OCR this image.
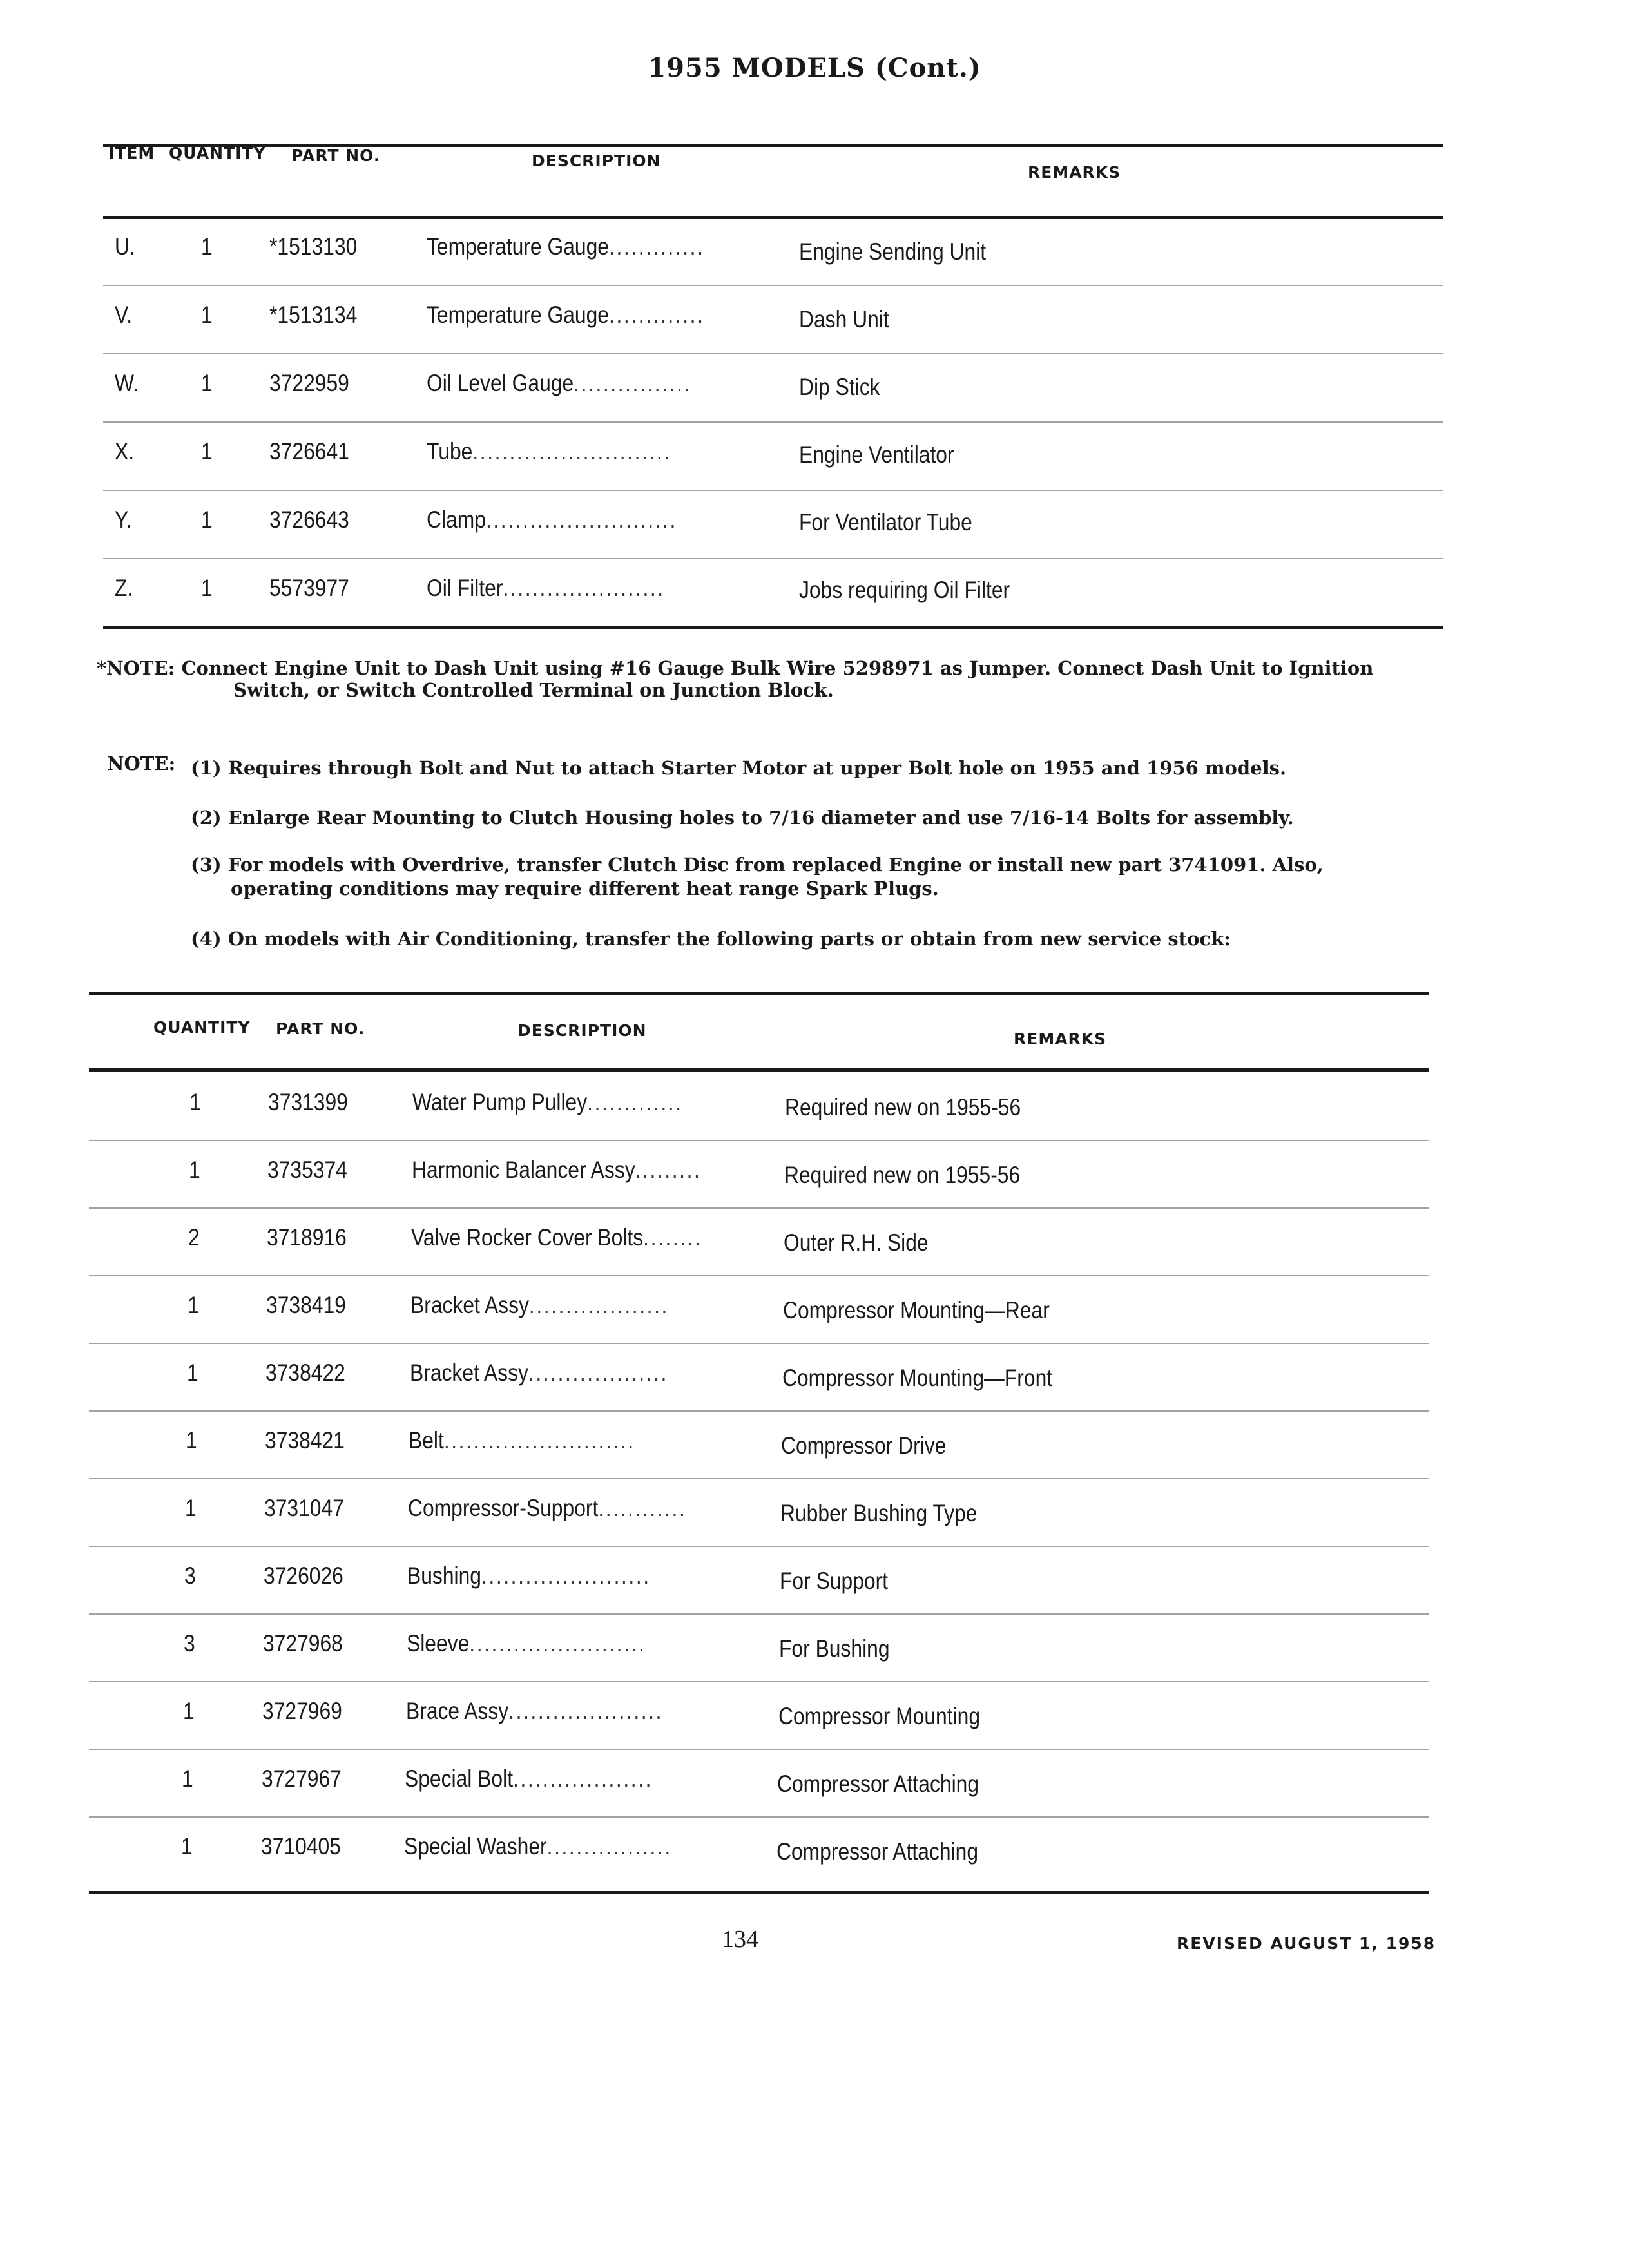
1955 MODELS (Cont.)
ITEM QUANTITY PART NO.	DESCRIPTION
REMARKS
U.	1 *1513130	Temperature Gauge.............	Engine Sending Unit
V.	1 *1513134	Temperature Gauge.............	Dash Unit
W.	1 3722959	Oil Level Gauge................	Dip Stick
X.	1 3726641	Tube...........................	Engine Ventilator
Y.	1 3726643	Clamp..........................	For Ventilator Tube
Z.	1 5573977	Oil Filter......................	Jobs requiring Oil Filter
*NOTE: Connect Engine Unit to Dash Unit using #16 Gauge Bulk Wire 5298971 as Jumper. Connect Dash Unit to Ignition
Switch, or Switch Controlled Terminal on Junction Block.
NOTE: (1) Requires through Bolt and Nut to attach Starter Motor at upper Bolt hole on 1955 and 1956 models.
(2) Enlarge Rear Mounting to Clutch Housing holes to 7/16 diameter and use 7/16-14 Bolts for assembly.
(3) For models with Overdrive, transfer Clutch Disc from replaced Engine or install new part 3741091. Also,
operating conditions may require different heat range Spark Plugs.
(4) On models with Air Conditioning, transfer the following parts or obtain from new service stock:
QUANTITY PART NO.	DESCRIPTION	REMARKS
1	3731399	Water Pump Pulley.............	Required new on 1955-56
1	3735374	Harmonic Balancer Assy.........	Required new on 1955-56
2	3718916	Valve Rocker Cover Bolts........	Outer R.H. Side
1	3738419	Bracket Assy...................	Compressor Mounting—Rear
1	3738422	Bracket Assy...................	Compressor Mounting—Front
1	3738421	Belt..........................	Compressor Drive
1	3731047	Compressor-Support............	Rubber Bushing Type
3	3726026	Bushing.......................	For Support
3	3727968	Sleeve........................	For Bushing
1	3727969	Brace Assy.....................	Compressor Mounting
1	3727967	Special Bolt...................	Compressor Attaching
1	3710405	Special Washer.................	Compressor Attaching
134	REVISED AUGUST 1, 1958
